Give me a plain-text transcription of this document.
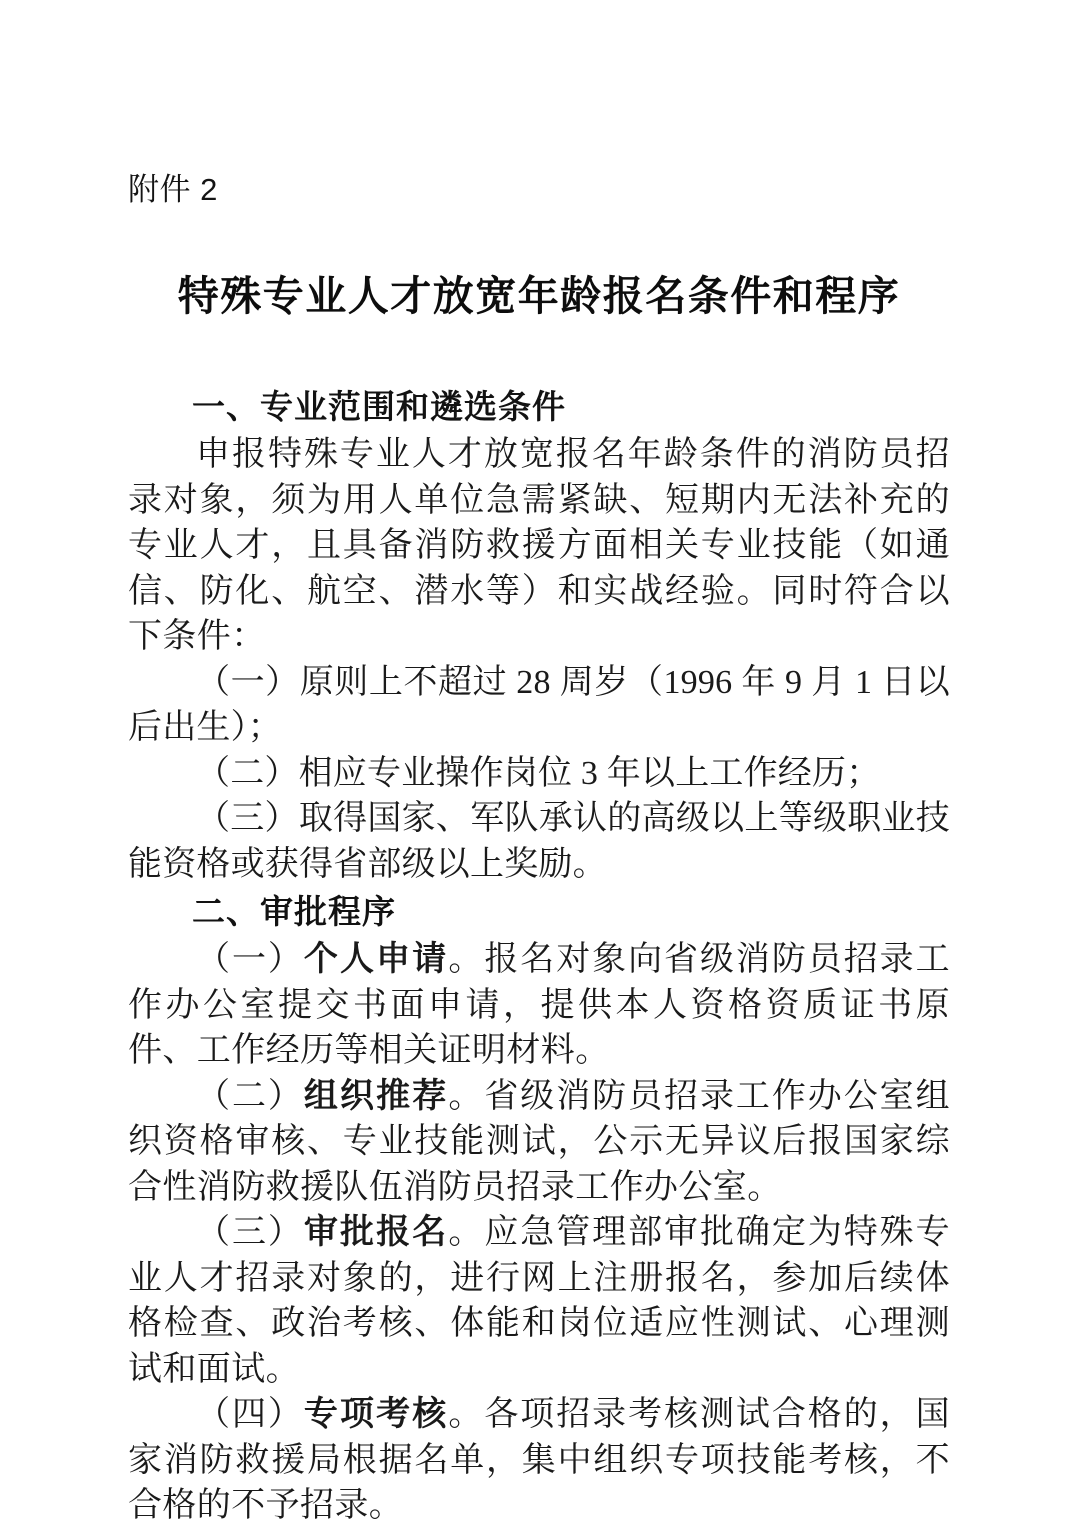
附件 2
特殊专业人才放宽年龄报名条件和程序
一、专业范围和遴选条件

申报特殊专业人才放宽报名年龄条件的消防员招录对象，须为用人单位急需紧缺、短期内无法补充的专业人才，且具备消防救援方面相关专业技能（如通信、防化、航空、潜水等）和实战经验。同时符合以下条件：

（一）原则上不超过 28 周岁（1996 年 9 月 1 日以后出生）；

（二）相应专业操作岗位 3 年以上工作经历；

（三）取得国家、军队承认的高级以上等级职业技能资格或获得省部级以上奖励。

二、审批程序

（一）个人申请。报名对象向省级消防员招录工作办公室提交书面申请，提供本人资格资质证书原件、工作经历等相关证明材料。

（二）组织推荐。省级消防员招录工作办公室组织资格审核、专业技能测试，公示无异议后报国家综合性消防救援队伍消防员招录工作办公室。

（三）审批报名。应急管理部审批确定为特殊专业人才招录对象的，进行网上注册报名，参加后续体格检查、政治考核、体能和岗位适应性测试、心理测试和面试。

（四）专项考核。各项招录考核测试合格的，国家消防救援局根据名单，集中组织专项技能考核，不合格的不予招录。
